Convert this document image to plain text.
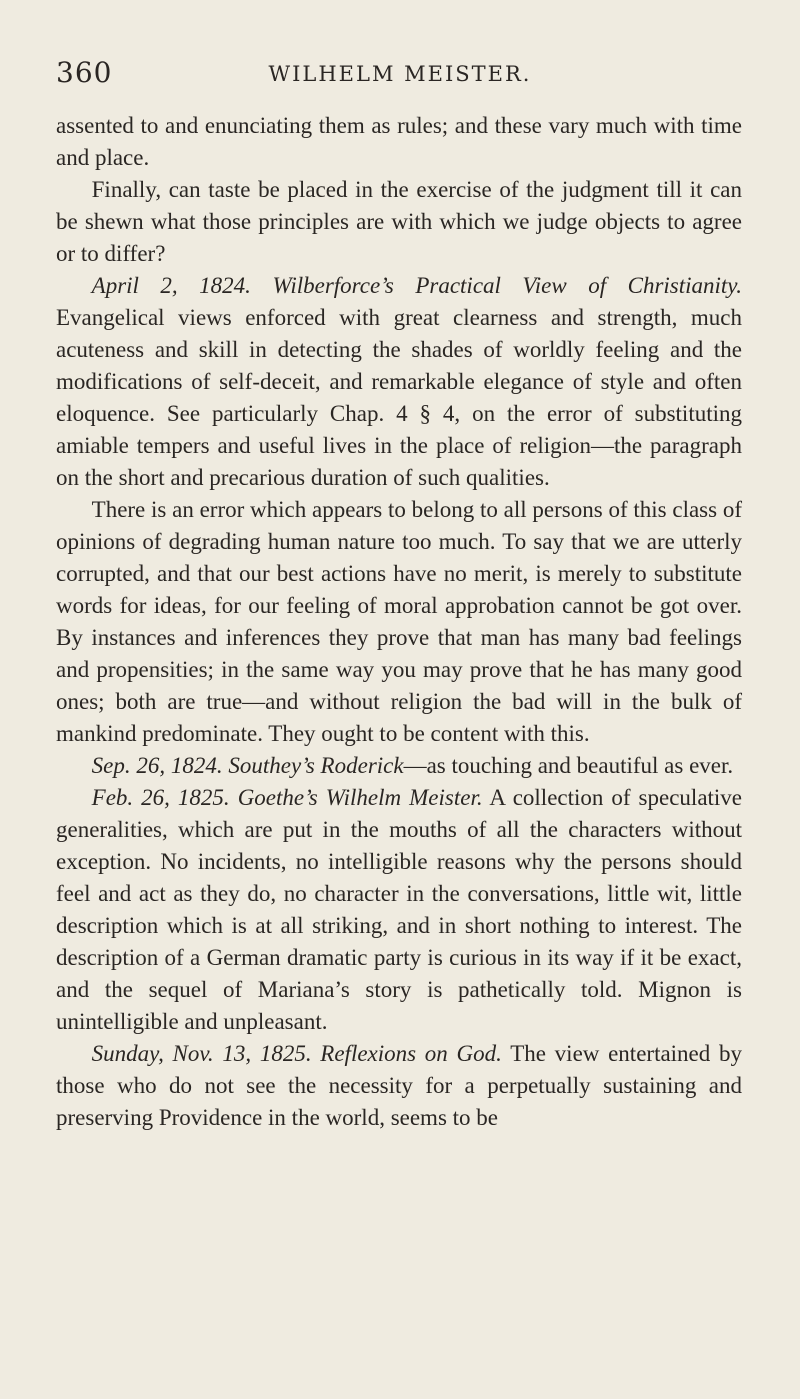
360	WILHELM MEISTER.

assented to and enunciating them as rules; and these vary much with time and place.

Finally, can taste be placed in the exercise of the judgment till it can be shewn what those principles are with which we judge objects to agree or to differ?

April 2, 1824. Wilberforce’s Practical View of Christianity. Evangelical views enforced with great clearness and strength, much acuteness and skill in detecting the shades of worldly feeling and the modifications of self-deceit, and remarkable elegance of style and often eloquence. See particularly Chap. 4 § 4, on the error of substituting amiable tempers and useful lives in the place of religion—the paragraph on the short and precarious duration of such qualities.

There is an error which appears to belong to all persons of this class of opinions of degrading human nature too much. To say that we are utterly corrupted, and that our best actions have no merit, is merely to substitute words for ideas, for our feeling of moral approbation cannot be got over. By instances and inferences they prove that man has many bad feelings and propensities; in the same way you may prove that he has many good ones; both are true—and without religion the bad will in the bulk of mankind predominate. They ought to be content with this.

Sep. 26, 1824. Southey’s Roderick—as touching and beautiful as ever.

Feb. 26, 1825. Goethe’s Wilhelm Meister. A collection of speculative generalities, which are put in the mouths of all the characters without exception. No incidents, no intelligible reasons why the persons should feel and act as they do, no character in the conversations, little wit, little description which is at all striking, and in short nothing to interest. The description of a German dramatic party is curious in its way if it be exact, and the sequel of Mariana’s story is pathetically told. Mignon is unintelligible and unpleasant.

Sunday, Nov. 13, 1825. Reflexions on God. The view entertained by those who do not see the necessity for a perpetually sustaining and preserving Providence in the world, seems to be
